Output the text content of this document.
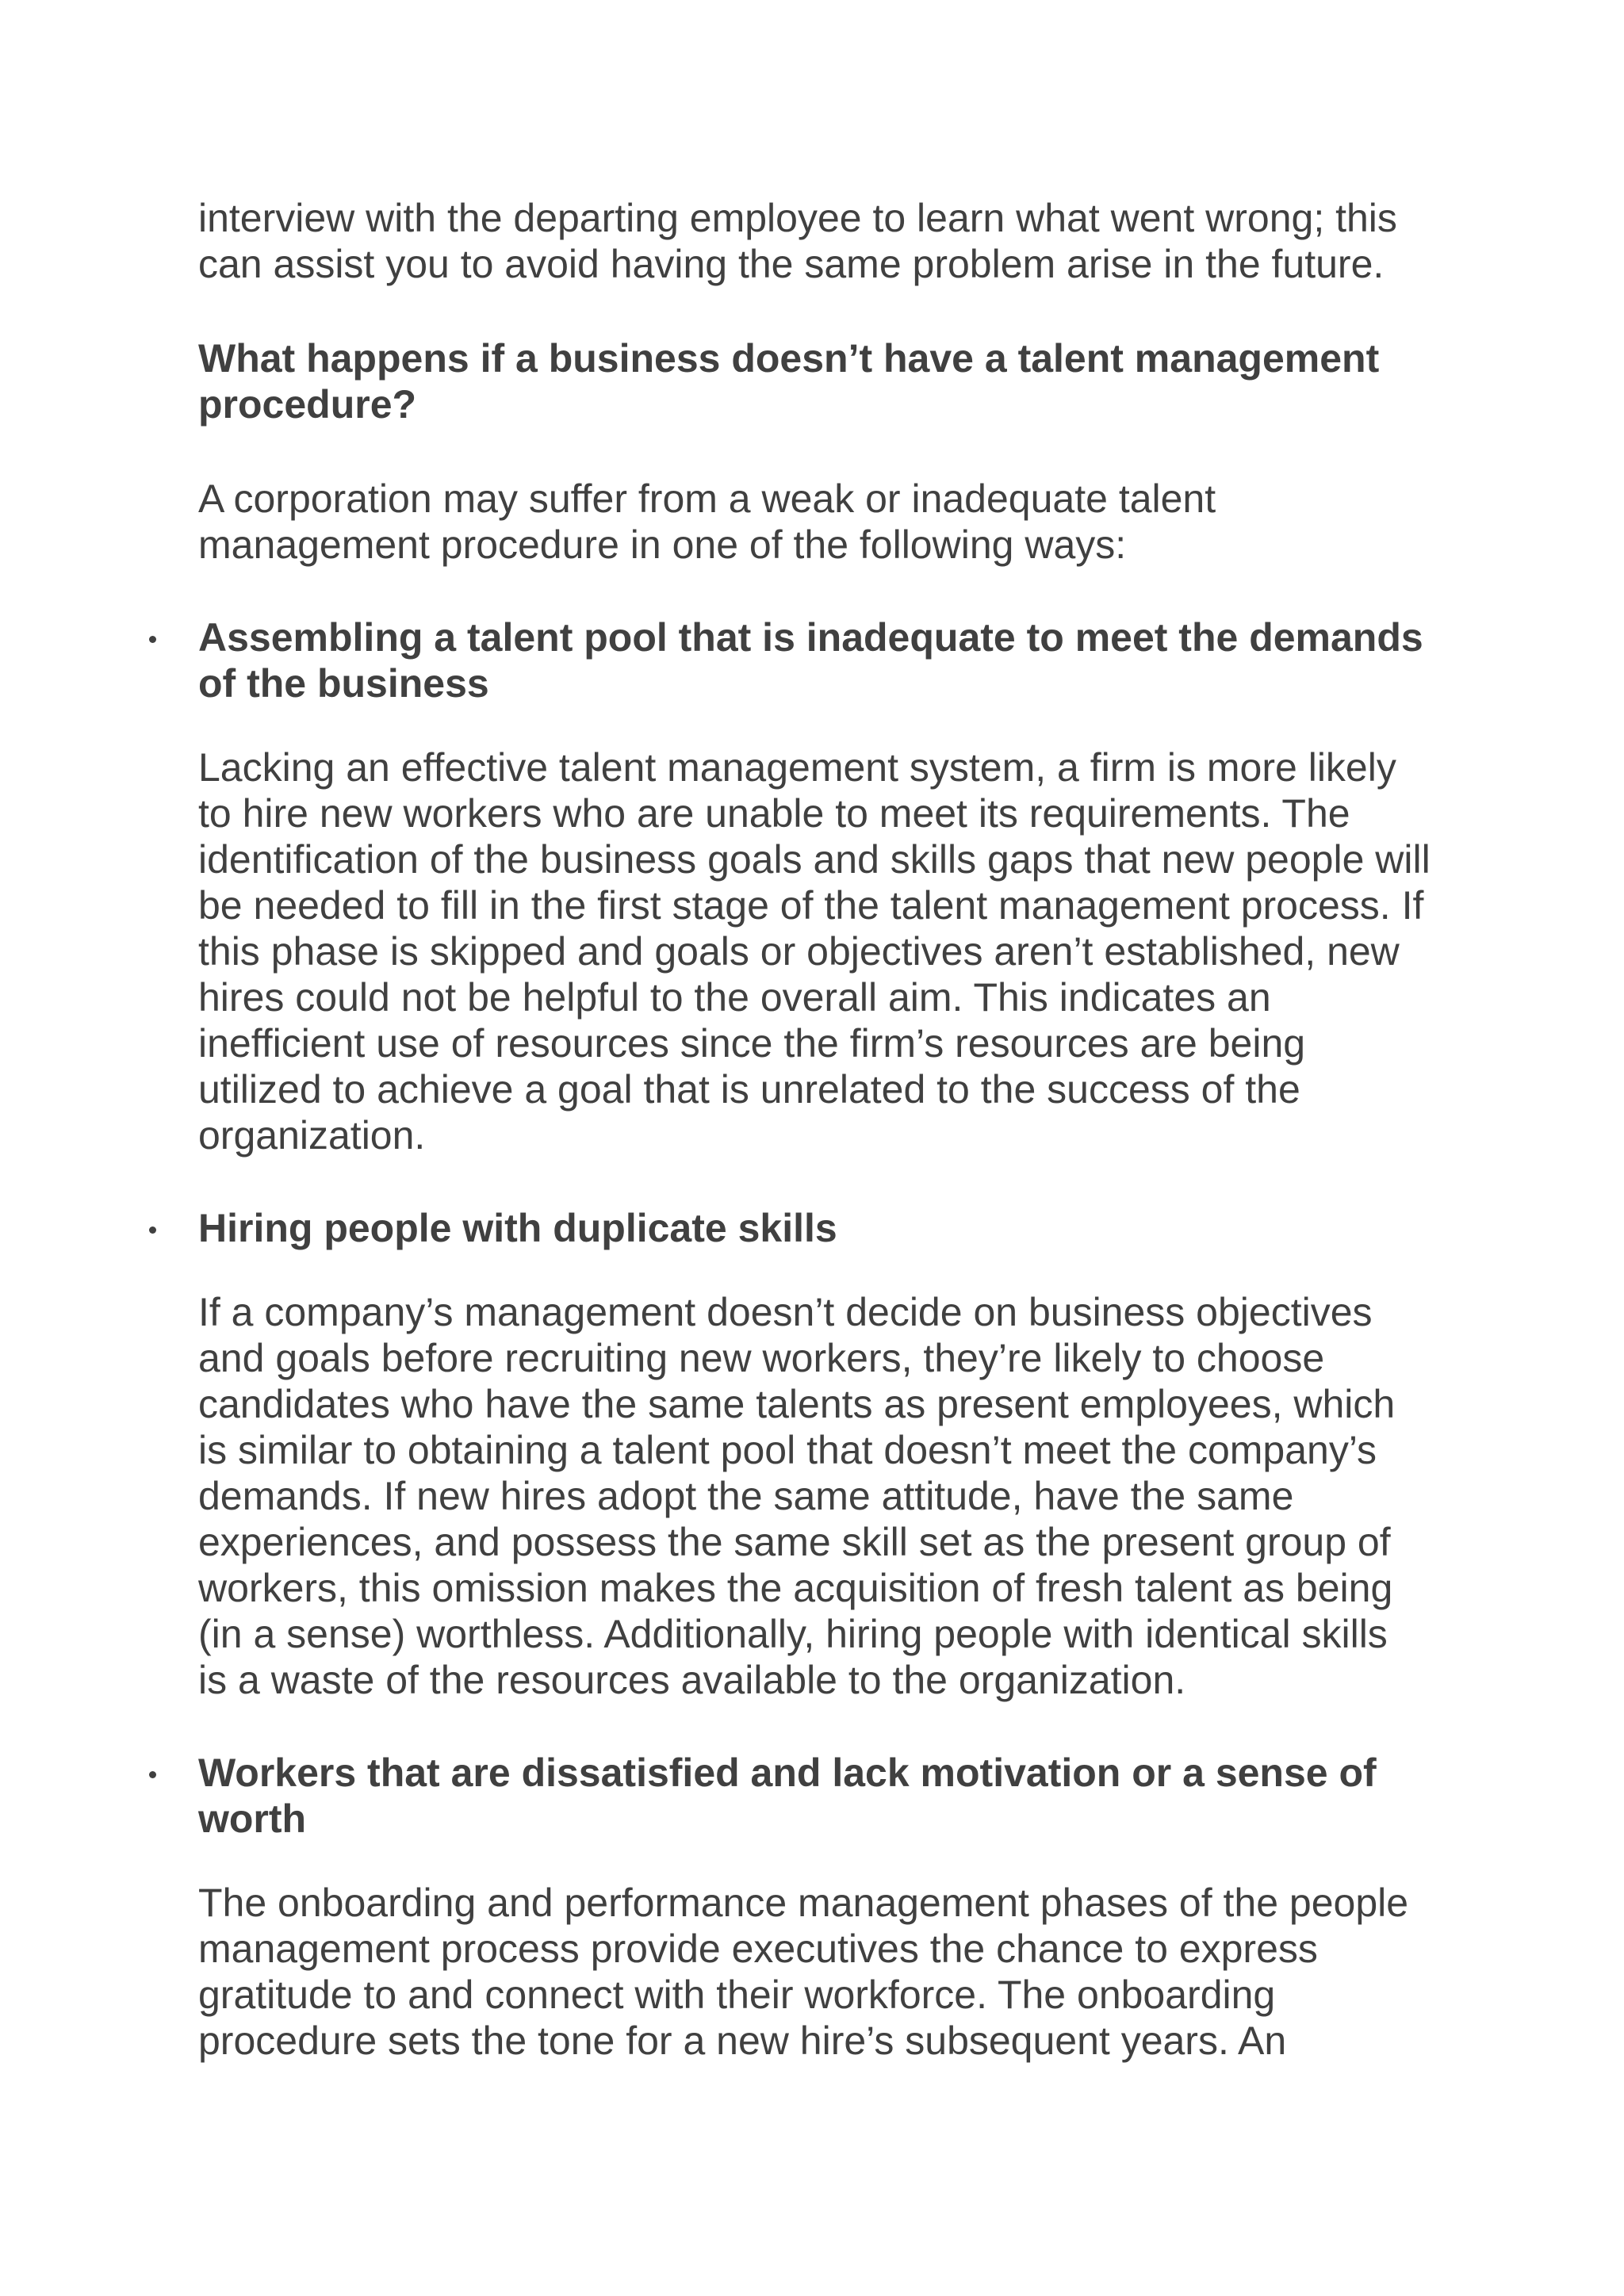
interview with the departing employee to learn what went wrong; this
can assist you to avoid having the same problem arise in the future.

What happens if a business doesn’t have a talent management
procedure?

A corporation may suffer from a weak or inadequate talent
management procedure in one of the following ways:

Assembling a talent pool that is inadequate to meet the demands
of the business

Lacking an effective talent management system, a firm is more likely
to hire new workers who are unable to meet its requirements. The
identification of the business goals and skills gaps that new people will
be needed to fill in the first stage of the talent management process. If
this phase is skipped and goals or objectives aren’t established, new
hires could not be helpful to the overall aim. This indicates an
inefficient use of resources since the firm’s resources are being
utilized to achieve a goal that is unrelated to the success of the
organization.

Hiring people with duplicate skills

If a company’s management doesn’t decide on business objectives
and goals before recruiting new workers, they’re likely to choose
candidates who have the same talents as present employees, which
is similar to obtaining a talent pool that doesn’t meet the company’s
demands. If new hires adopt the same attitude, have the same
experiences, and possess the same skill set as the present group of
workers, this omission makes the acquisition of fresh talent as being
(in a sense) worthless. Additionally, hiring people with identical skills
is a waste of the resources available to the organization.

Workers that are dissatisfied and lack motivation or a sense of
worth

The onboarding and performance management phases of the people
management process provide executives the chance to express
gratitude to and connect with their workforce. The onboarding
procedure sets the tone for a new hire’s subsequent years. An
